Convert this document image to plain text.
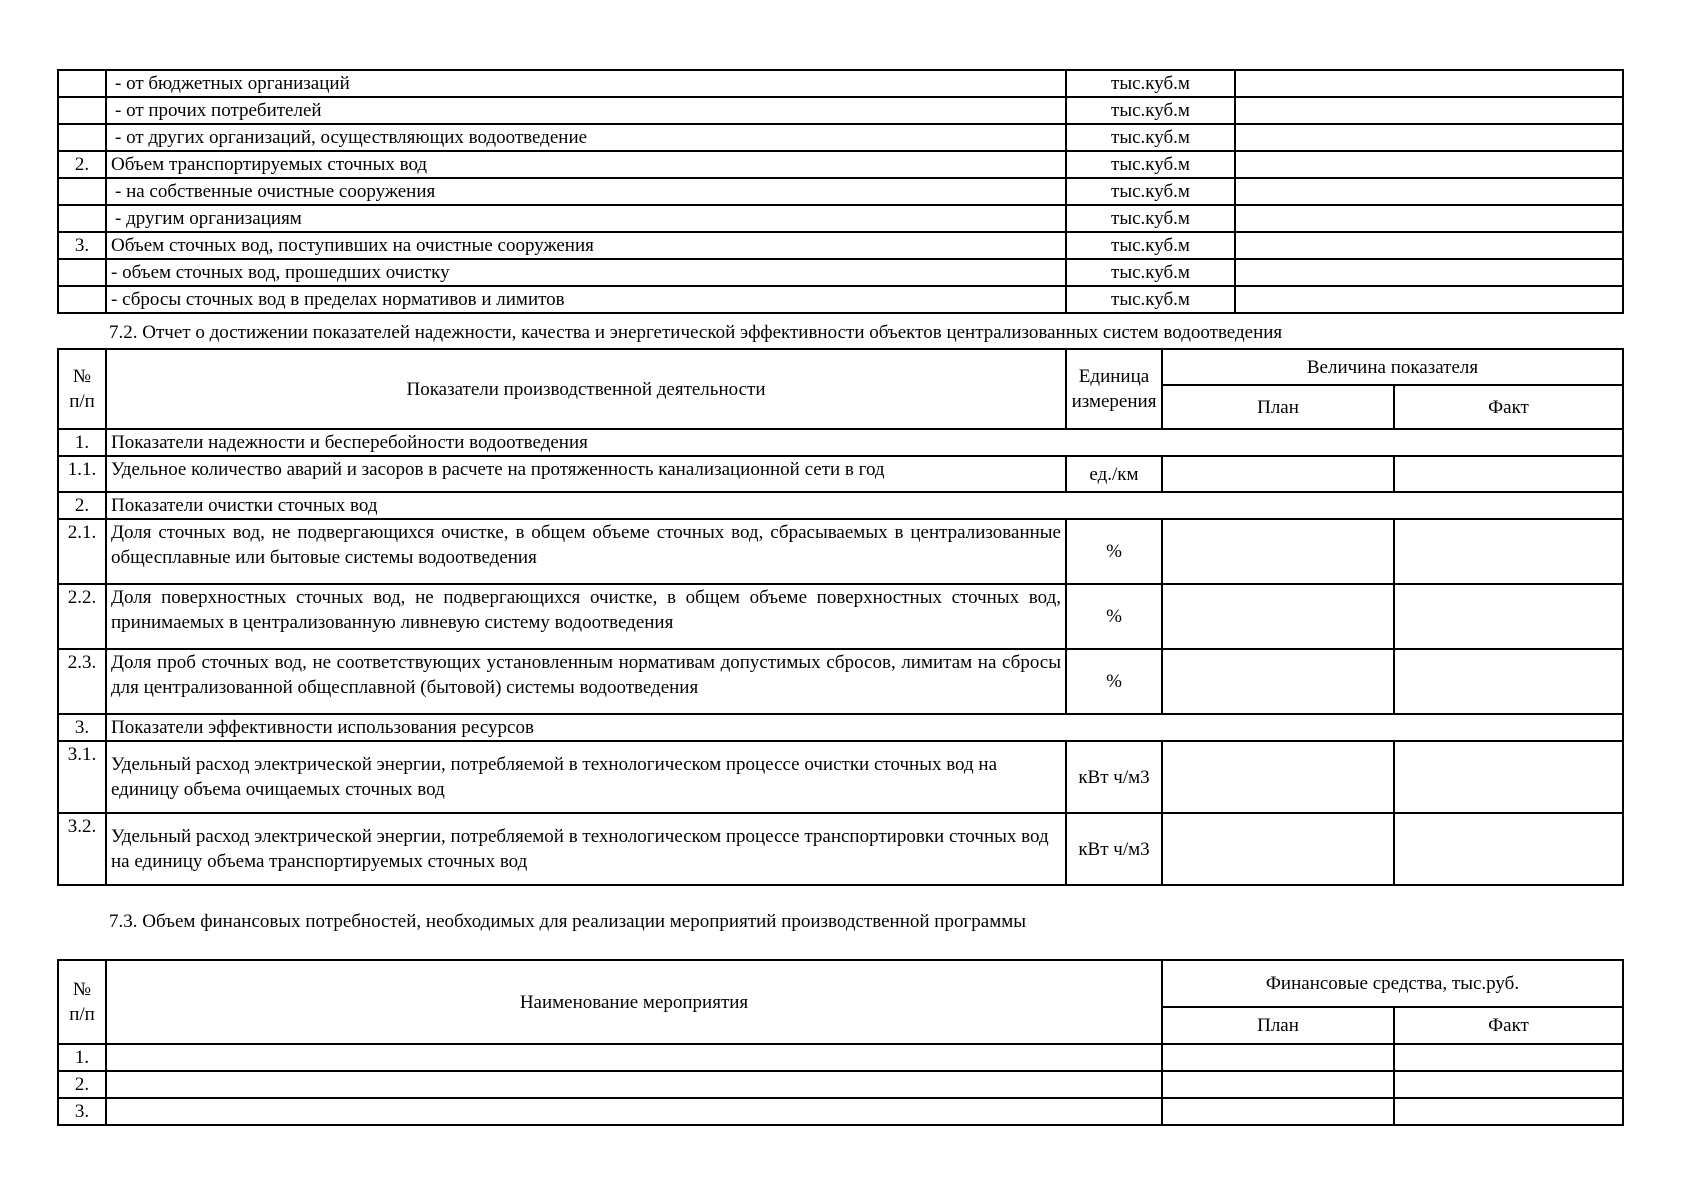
	- от бюджетных организаций	тыс.куб.м	
	- от прочих потребителей	тыс.куб.м	
	- от других организаций, осуществляющих водоотведение	тыс.куб.м	
2.	Объем транспортируемых сточных вод	тыс.куб.м	
	- на собственные очистные сооружения	тыс.куб.м	
	- другим организациям	тыс.куб.м	
3.	Объем сточных вод, поступивших на очистные сооружения	тыс.куб.м	
	- объем сточных вод, прошедших очистку	тыс.куб.м	
	- сбросы сточных вод в пределах нормативов и лимитов	тыс.куб.м	
7.2. Отчет о достижении показателей надежности, качества и энергетической эффективности объектов централизованных систем водоотведения
№ п/п	Показатели производственной деятельности	Единица измерения	Величина показателя	
			План	Факт
1.	Показатели надежности и бесперебойности водоотведения			
1.1.	Удельное количество аварий и засоров в расчете на протяженность канализационной сети в год	ед./км		
2.	Показатели очистки сточных вод			
2.1.	Доля сточных вод, не подвергающихся очистке, в общем объеме сточных вод, сбрасываемых в централизованные общесплавные или бытовые системы водоотведения	%		
2.2.	Доля поверхностных сточных вод, не подвергающихся очистке, в общем объеме поверхностных сточных вод, принимаемых в централизованную ливневую систему водоотведения	%		
2.3.	Доля проб сточных вод, не соответствующих установленным нормативам допустимых сбросов, лимитам на сбросы для централизованной общесплавной (бытовой) системы водоотведения	%		
3.	Показатели эффективности использования ресурсов			
3.1.	Удельный расход электрической энергии, потребляемой в технологическом процессе очистки сточных вод на единицу объема очищаемых сточных вод	кВт ч/м3		
3.2.	Удельный расход электрической энергии, потребляемой в технологическом процессе транспортировки сточных вод на единицу объема транспортируемых сточных вод	кВт ч/м3		
7.3. Объем финансовых потребностей, необходимых для реализации мероприятий производственной программы
№ п/п	Наименование мероприятия	Финансовые средства, тыс.руб.	
		План	Факт
1.			
2.			
3.			
